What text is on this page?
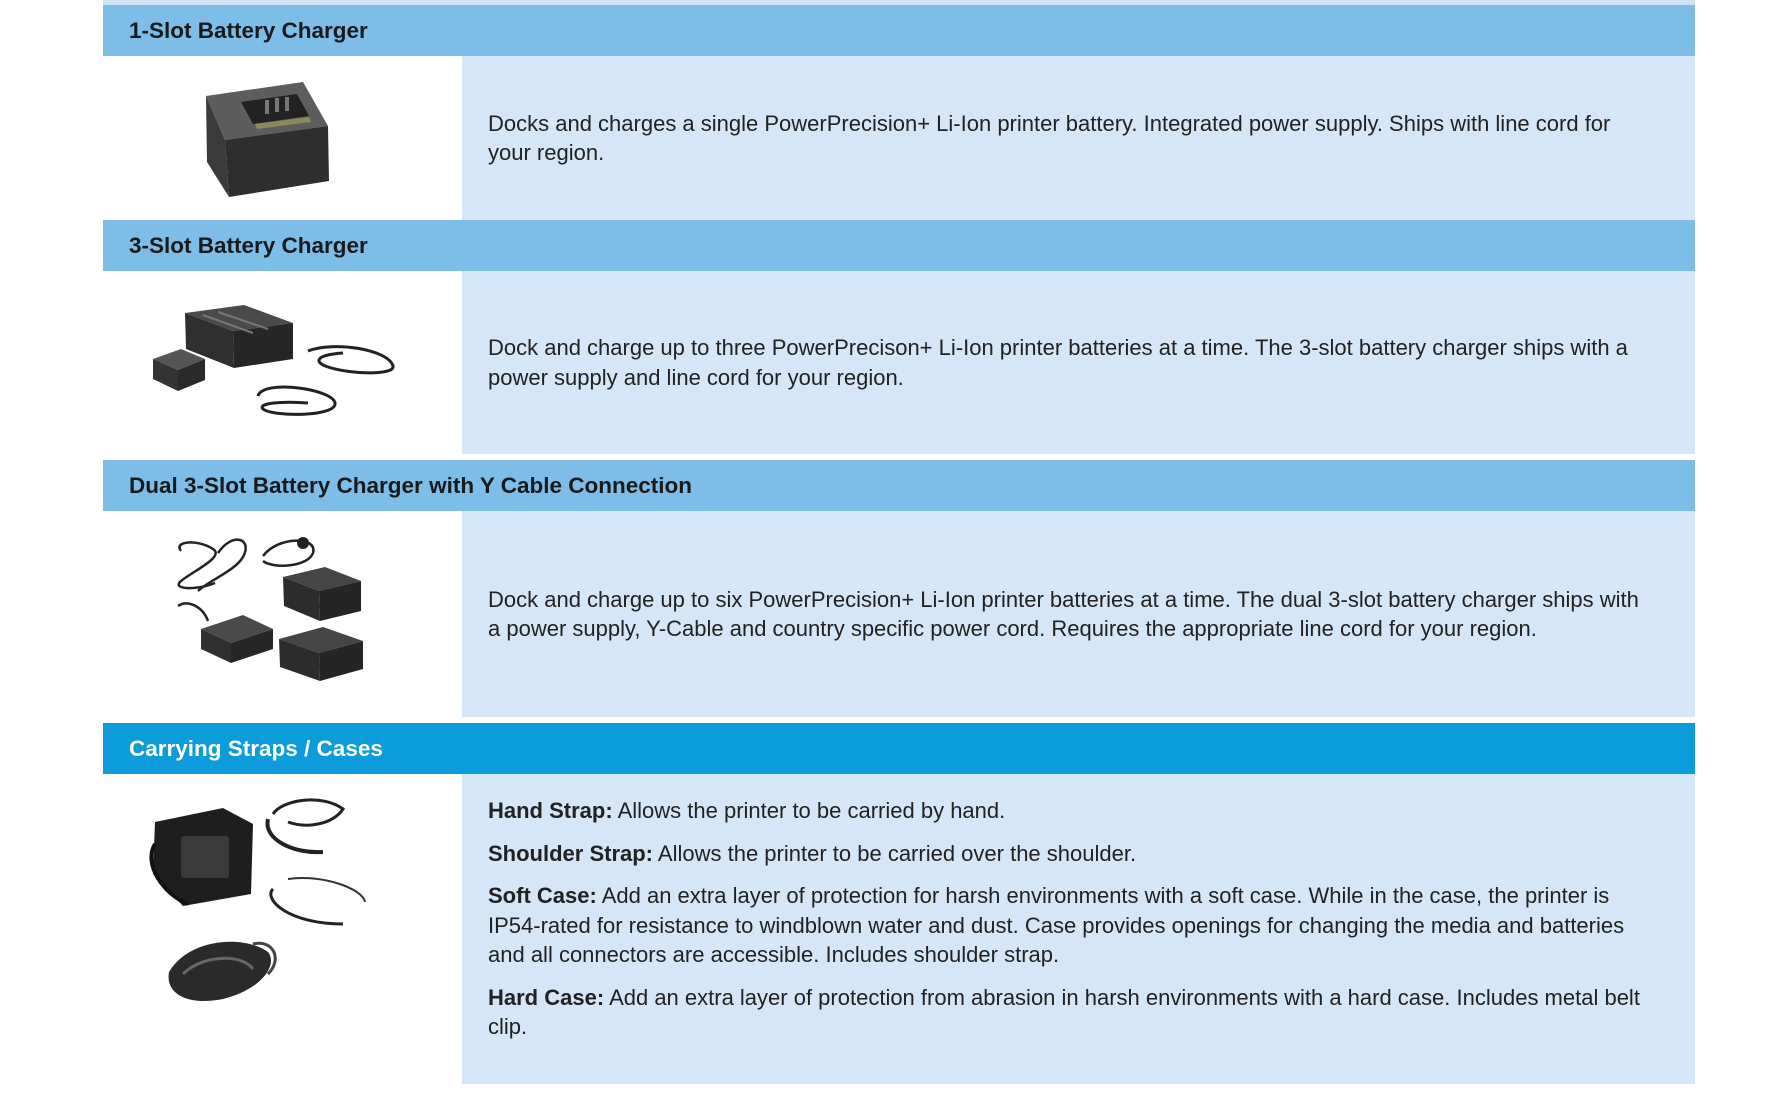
1-Slot Battery Charger

Docks and charges a single PowerPrecision+ Li-Ion printer battery. Integrated power supply. Ships with line cord for your region.

3-Slot Battery Charger

Dock and charge up to three PowerPrecison+ Li-Ion printer batteries at a time. The 3-slot battery charger ships with a power supply and line cord for your region.

Dual 3-Slot Battery Charger with Y Cable Connection

Dock and charge up to six PowerPrecision+ Li-Ion printer batteries at a time. The dual 3-slot battery charger ships with a power supply, Y-Cable and country specific power cord. Requires the appropriate line cord for your region.

Carrying Straps / Cases

Hand Strap: Allows the printer to be carried by hand.

Shoulder Strap: Allows the printer to be carried over the shoulder.

Soft Case: Add an extra layer of protection for harsh environments with a soft case. While in the case, the printer is IP54-rated for resistance to windblown water and dust. Case provides openings for changing the media and batteries and all connectors are accessible. Includes shoulder strap.

Hard Case: Add an extra layer of protection from abrasion in harsh environments with a hard case. Includes metal belt clip.
